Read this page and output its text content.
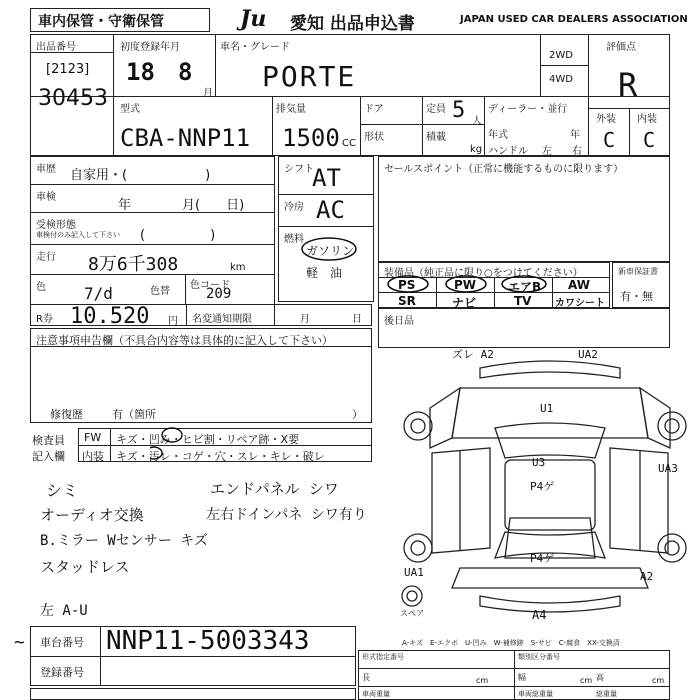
車内保管・守衛保管	Ju 愛知 出品申込書	JAPAN USED CAR DEALERS ASSOCIATION
出品番号
[2123]
30453
初度登録年月
18 8
月
車名・グレード
PORTE
2WD
4WD
評価点
R
外装 内装
C C
型式
CBA-NNP11
排気量
1500 CC
ドア
形状
定員 5 人
積載
kg
ディーラー・並行
年式	年
ハンドル 左 右
車歴 自家用・(　　　　　　)
車検
年	月(　　日)
受検形態
車検付のみ記入して下さい (　　　　　)
走行 8万6千308	km
色 7/d	色替
色コード
209
R券 10.520 円 名変通知期限	月	日
シフト
AT
冷房 AC
燃料
ガソリン
軽　油
セールスポイント（正常に機能するものに限ります）
装備品（純正品に限り○をつけてください）
PS	PW	エアB AW
SR	ナビ	TV カワシート
新車保証書
有・無
後日品
注意事項申告欄（不具合内容等は具体的に記入して下さい）
修復歴	有（箇所	）
検査員
記入欄
FW キズ・凹み・ヒビ割・リペア跡・X要
内装 キズ・汚レ・コゲ・穴・スレ・キレ・破レ
シミ
オーディオ交換
B.ミラー Wセンサー キズ
スタッドレス
左 A-U
エンドパネル シワ
左右ドインパネ シワ有り
ズレ A2	UA2
U1
U3
P4ゲ
P4ゲ
UA3
UA1	A2
A4
スペア
A-キズ　E-エクボ　U-凹み　W-補修跡　S-サビ　C-腐食　XX-交換済
車台番号 NNP11-5003343
登録番号
~
形式指定番号	類別区分番号
長	cm	幅	cm 高	cm
車両重量	車両総重量	総重量
